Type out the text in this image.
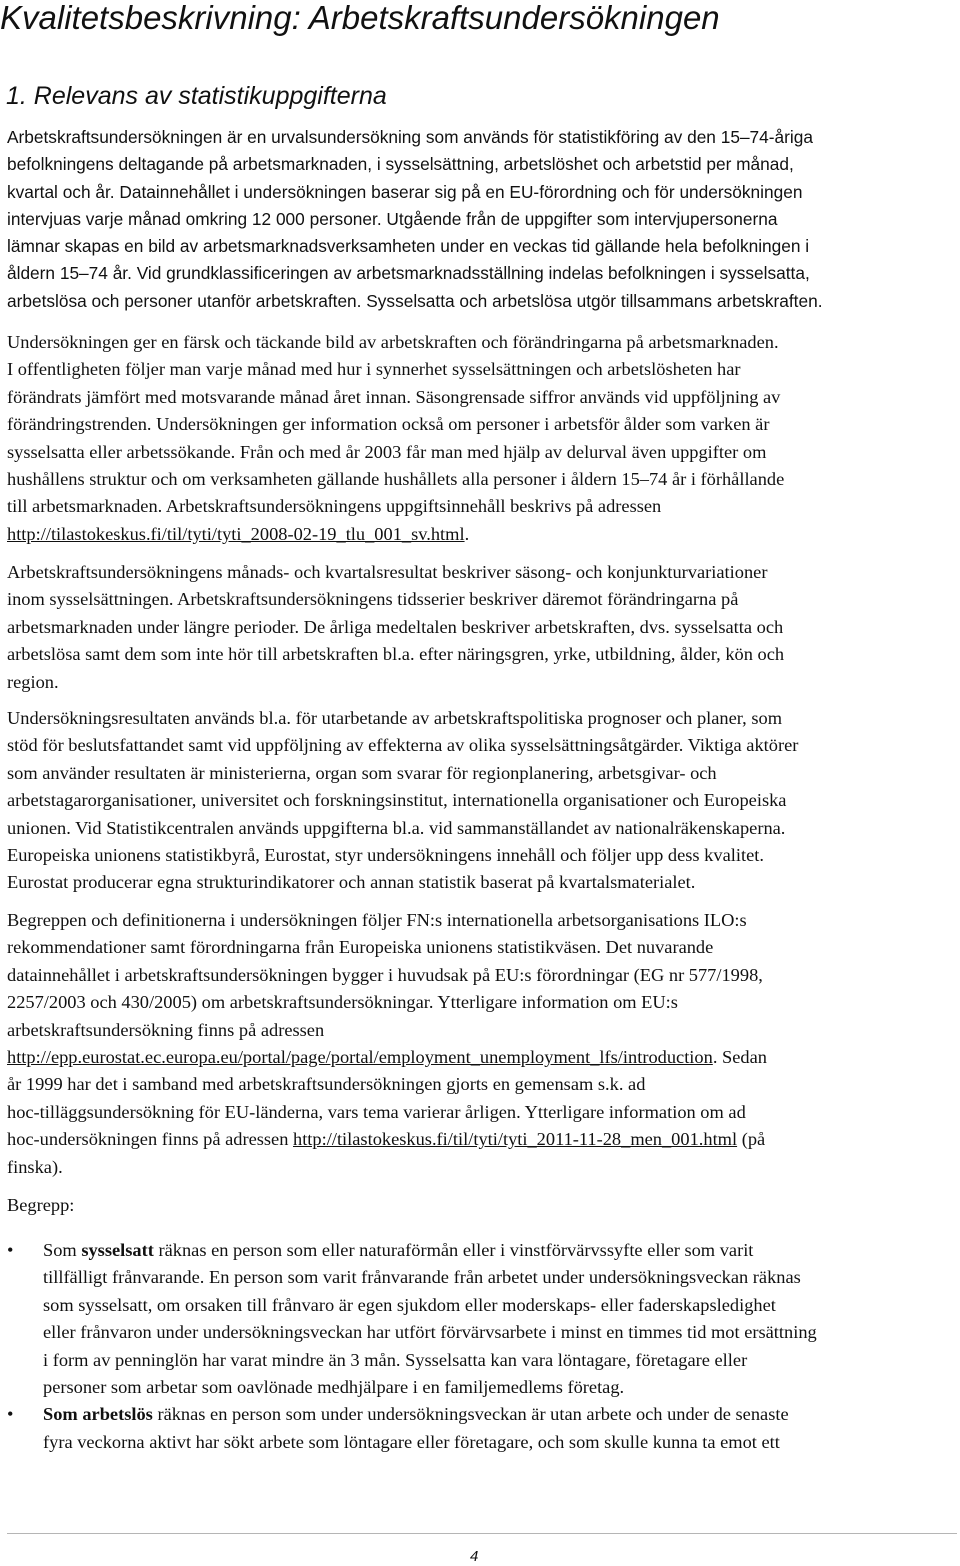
Kvalitetsbeskrivning: Arbetskraftsundersökningen
1. Relevans av statistikuppgifterna

Arbetskraftsundersökningen är en urvalsundersökning som används för statistikföring av den 15–74-åriga
befolkningens deltagande på arbetsmarknaden, i sysselsättning, arbetslöshet och arbetstid per månad,
kvartal och år. Datainnehållet i undersökningen baserar sig på en EU-förordning och för undersökningen
intervjuas varje månad omkring 12 000 personer. Utgående från de uppgifter som intervjupersonerna
lämnar skapas en bild av arbetsmarknadsverksamheten under en veckas tid gällande hela befolkningen i
åldern 15–74 år. Vid grundklassificeringen av arbetsmarknadsställning indelas befolkningen i sysselsatta,
arbetslösa och personer utanför arbetskraften. Sysselsatta och arbetslösa utgör tillsammans arbetskraften.

Undersökningen ger en färsk och täckande bild av arbetskraften och förändringarna på arbetsmarknaden.
I offentligheten följer man varje månad med hur i synnerhet sysselsättningen och arbetslösheten har
förändrats jämfört med motsvarande månad året innan. Säsongrensade siffror används vid uppföljning av
förändringstrenden. Undersökningen ger information också om personer i arbetsför ålder som varken är
sysselsatta eller arbetssökande. Från och med år 2003 får man med hjälp av delurval även uppgifter om
hushållens struktur och om verksamheten gällande hushållets alla personer i åldern 15–74 år i förhållande
till arbetsmarknaden. Arbetskraftsundersökningens uppgiftsinnehåll beskrivs på adressen
http://tilastokeskus.fi/til/tyti/tyti_2008-02-19_tlu_001_sv.html.

Arbetskraftsundersökningens månads- och kvartalsresultat beskriver säsong- och konjunkturvariationer
inom sysselsättningen. Arbetskraftsundersökningens tidsserier beskriver däremot förändringarna på
arbetsmarknaden under längre perioder. De årliga medeltalen beskriver arbetskraften, dvs. sysselsatta och
arbetslösa samt dem som inte hör till arbetskraften bl.a. efter näringsgren, yrke, utbildning, ålder, kön och
region.

Undersökningsresultaten används bl.a. för utarbetande av arbetskraftspolitiska prognoser och planer, som
stöd för beslutsfattandet samt vid uppföljning av effekterna av olika sysselsättningsåtgärder. Viktiga aktörer
som använder resultaten är ministerierna, organ som svarar för regionplanering, arbetsgivar- och
arbetstagarorganisationer, universitet och forskningsinstitut, internationella organisationer och Europeiska
unionen. Vid Statistikcentralen används uppgifterna bl.a. vid sammanställandet av nationalräkenskaperna.
Europeiska unionens statistikbyrå, Eurostat, styr undersökningens innehåll och följer upp dess kvalitet.
Eurostat producerar egna strukturindikatorer och annan statistik baserat på kvartalsmaterialet.

Begreppen och definitionerna i undersökningen följer FN:s internationella arbetsorganisations ILO:s
rekommendationer samt förordningarna från Europeiska unionens statistikväsen. Det nuvarande
datainnehållet i arbetskraftsundersökningen bygger i huvudsak på EU:s förordningar (EG nr 577/1998,
2257/2003 och 430/2005) om arbetskraftsundersökningar. Ytterligare information om EU:s
arbetskraftsundersökning finns på adressen
http://epp.eurostat.ec.europa.eu/portal/page/portal/employment_unemployment_lfs/introduction. Sedan
år 1999 har det i samband med arbetskraftsundersökningen gjorts en gemensam s.k. ad
hoc-tilläggsundersökning för EU-länderna, vars tema varierar årligen. Ytterligare information om ad
hoc-undersökningen finns på adressen http://tilastokeskus.fi/til/tyti/tyti_2011-11-28_men_001.html (på
finska).

Begrepp:

• Som sysselsatt räknas en person som eller naturaförmån eller i vinstförvärvssyfte eller som varit
tillfälligt frånvarande. En person som varit frånvarande från arbetet under undersökningsveckan räknas
som sysselsatt, om orsaken till frånvaro är egen sjukdom eller moderskaps- eller faderskapsledighet
eller frånvaron under undersökningsveckan har utfört förvärvsarbete i minst en timmes tid mot ersättning
i form av penninglön har varat mindre än 3 mån. Sysselsatta kan vara löntagare, företagare eller
personer som arbetar som oavlönade medhjälpare i en familjemedlems företag.
• Som arbetslös räknas en person som under undersökningsveckan är utan arbete och under de senaste
fyra veckorna aktivt har sökt arbete som löntagare eller företagare, och som skulle kunna ta emot ett
4
